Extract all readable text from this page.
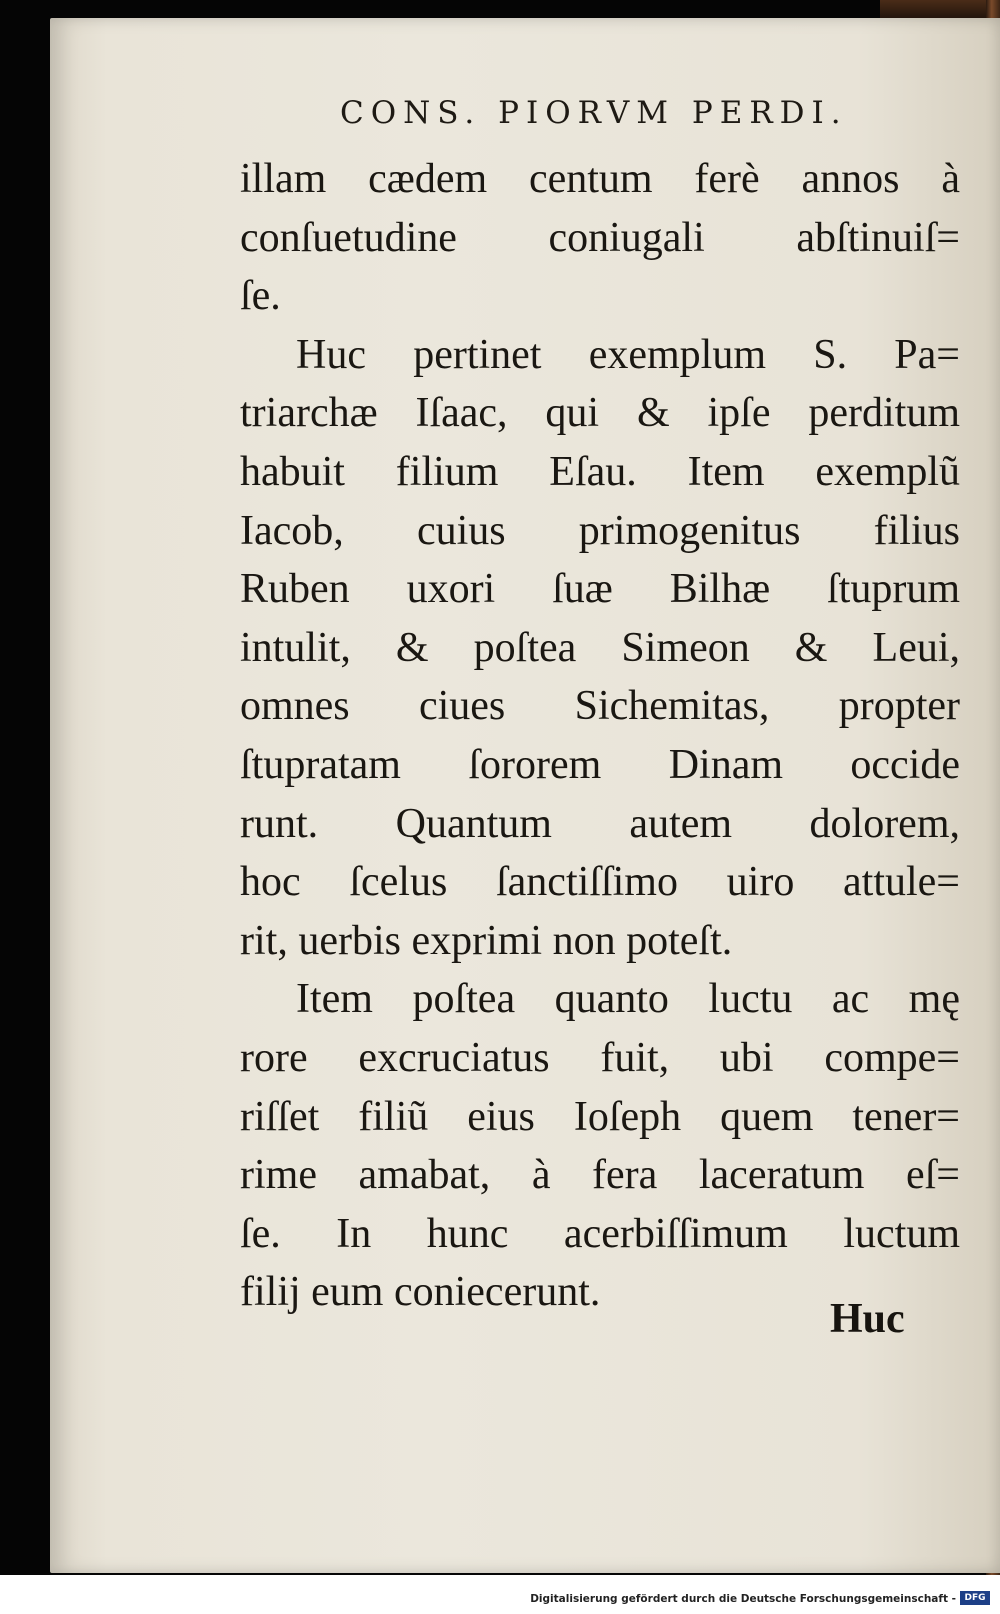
CONS. PIORVM PERDI.
illam cædem centum ferè annos à
conſuetudine coniugali abſtinuiſ=
ſe.
Huc pertinet exemplum S. Pa=
triarchæ Iſaac, qui & ipſe perditum
habuit filium Eſau. Item exemplũ
Iacob, cuius primogenitus filius
Ruben uxori ſuæ Bilhæ ſtuprum
intulit, & poſtea Simeon & Leui,
omnes ciues Sichemitas, propter
ſtupratam ſororem Dinam occide
runt. Quantum autem dolorem,
hoc ſcelus ſanctiſſimo uiro attule=
rit, uerbis exprimi non poteſt.
Item poſtea quanto luctu ac mę
rore excruciatus fuit, ubi compe=
riſſet filiũ eius Ioſeph quem tener=
rime amabat, à fera laceratum eſ=
ſe. In hunc acerbiſſimum luctum
filij eum coniecerunt.
Huc
Digitalisierung gefördert durch die Deutsche Forschungsgemeinschaft - DFG
